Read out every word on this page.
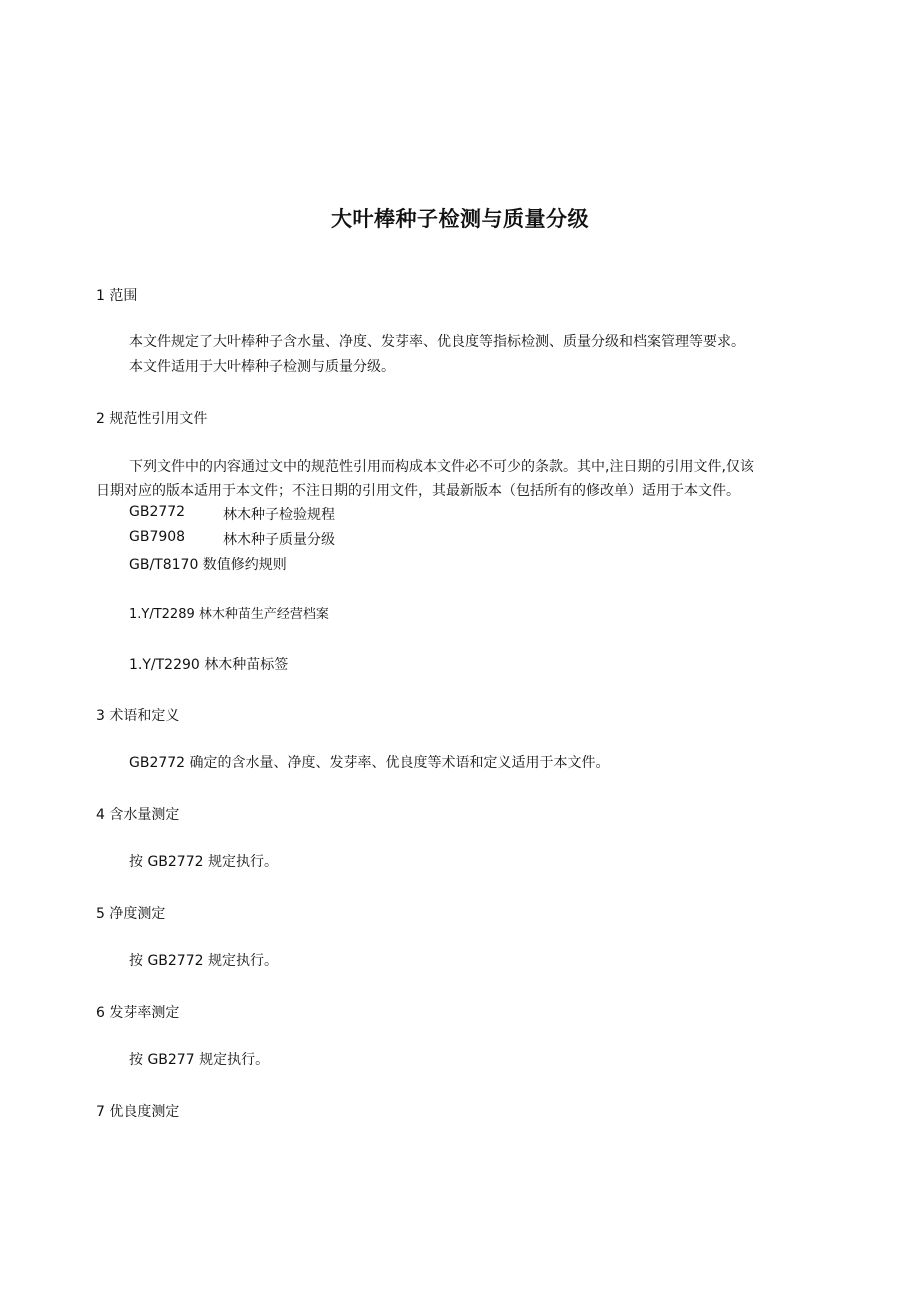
大叶棒种子检测与质量分级
1 范围
本文件规定了大叶棒种子含水量、净度、发芽率、优良度等指标检测、质量分级和档案管理等要求。
本文件适用于大叶棒种子检测与质量分级。
2 规范性引用文件
下列文件中的内容通过文中的规范性引用而构成本文件必不可少的条款。其中,注日期的引用文件,仅该
日期对应的版本适用于本文件；不注日期的引用文件，其最新版本（包括所有的修改单）适用于本文件。
GB2772	林木种子检验规程
GB7908	林木种子质量分级
GB/T8170 数值修约规则
1.Y/T2289 林木种苗生产经营档案
1.Y/T2290 林木种苗标签
3 术语和定义
GB2772 确定的含水量、净度、发芽率、优良度等术语和定义适用于本文件。
4 含水量测定
按 GB2772 规定执行。
5 净度测定
按 GB2772 规定执行。
6 发芽率测定
按 GB277 规定执行。
7 优良度测定
